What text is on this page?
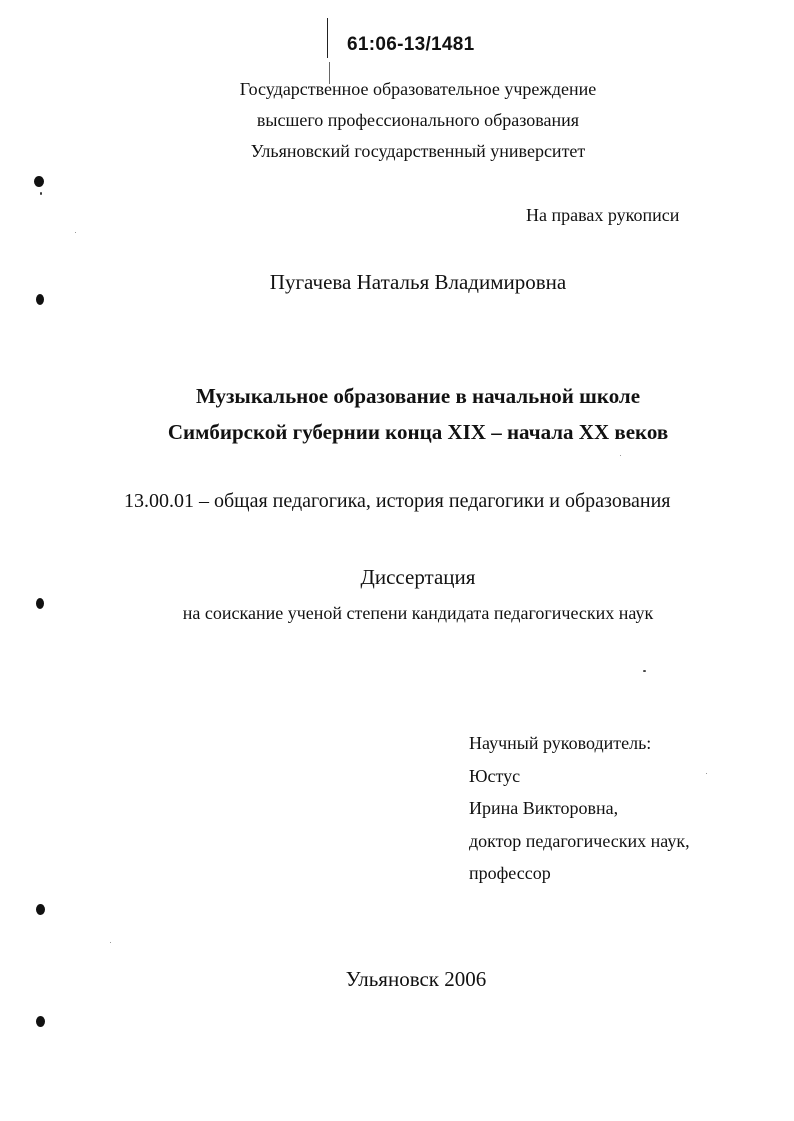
61:06-13/1481
Государственное образовательное учреждение
высшего профессионального образования
Ульяновский государственный университет
На правах рукописи
Пугачева Наталья Владимировна
Музыкальное образование в начальной школе
Симбирской губернии конца XIX – начала XX веков
13.00.01 – общая педагогика, история педагогики и образования
Диссертация
на соискание ученой степени кандидата педагогических наук
Научный руководитель:
Юстус
Ирина Викторовна,
доктор педагогических наук,
профессор
Ульяновск 2006
